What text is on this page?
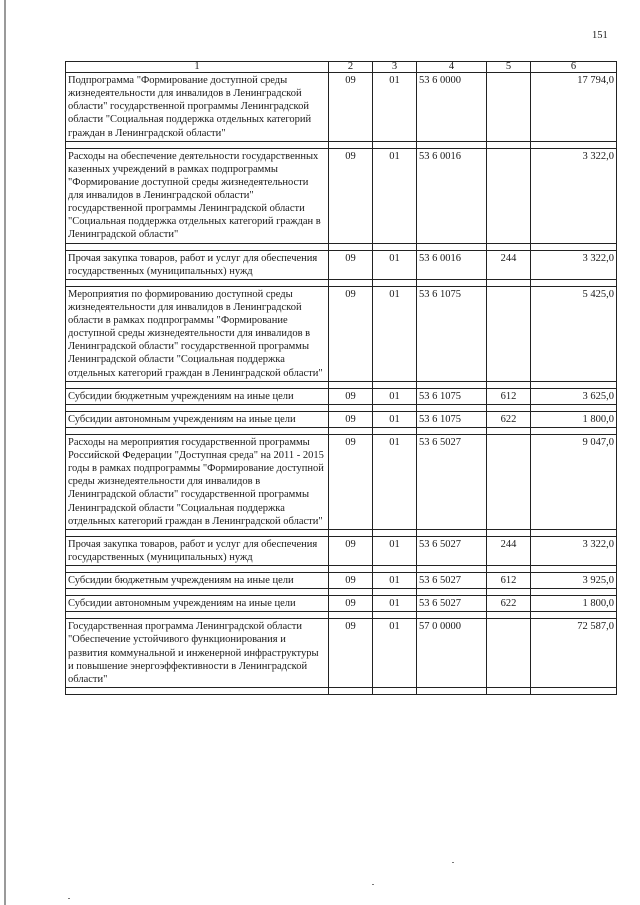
151
1	2	3	4	5	6
Подпрограмма "Формирование доступной среды жизнедеятельности для инвалидов в Ленинградской области" государственной программы Ленинградской области "Социальная поддержка отдельных категорий граждан в Ленинградской области"	09	01	53 6 0000		17 794,0

Расходы на обеспечение деятельности государственных казенных учреждений в рамках подпрограммы "Формирование доступной среды жизнедеятельности для инвалидов в Ленинградской области" государственной программы Ленинградской области "Социальная поддержка отдельных категорий граждан в Ленинградской области"	09	01	53 6 0016		3 322,0

Прочая закупка товаров, работ и услуг для обеспечения государственных (муниципальных) нужд	09	01	53 6 0016	244	3 322,0

Мероприятия по формированию доступной среды жизнедеятельности для инвалидов в Ленинградской области в рамках подпрограммы "Формирование доступной среды жизнедеятельности для инвалидов в Ленинградской области" государственной программы Ленинградской области "Социальная поддержка отдельных категорий граждан в Ленинградской области"	09	01	53 6 1075		5 425,0

Субсидии бюджетным учреждениям на иные цели	09	01	53 6 1075	612	3 625,0

Субсидии автономным учреждениям на иные цели	09	01	53 6 1075	622	1 800,0

Расходы на мероприятия государственной программы Российской Федерации "Доступная среда" на 2011 - 2015 годы в рамках подпрограммы "Формирование доступной среды жизнедеятельности для инвалидов в Ленинградской области" государственной программы Ленинградской области "Социальная поддержка отдельных категорий граждан в Ленинградской области"	09	01	53 6 5027		9 047,0

Прочая закупка товаров, работ и услуг для обеспечения государственных (муниципальных) нужд	09	01	53 6 5027	244	3 322,0

Субсидии бюджетным учреждениям на иные цели	09	01	53 6 5027	612	3 925,0

Субсидии автономным учреждениям на иные цели	09	01	53 6 5027	622	1 800,0

Государственная программа Ленинградской области "Обеспечение устойчивого функционирования и развития коммунальной и инженерной инфраструктуры и повышение энергоэффективности в Ленинградской области"	09	01	57 0 0000		72 587,0
